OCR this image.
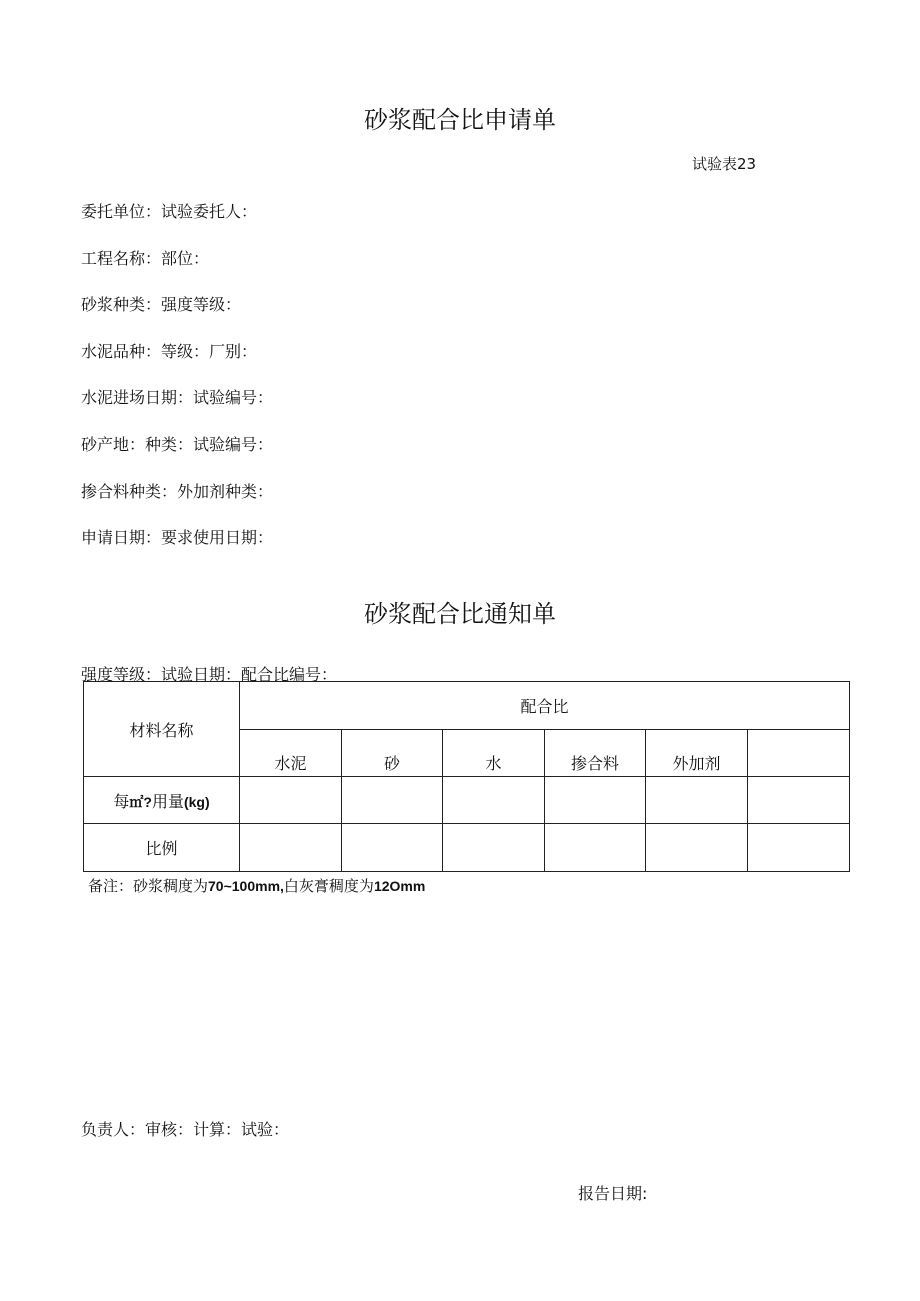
砂浆配合比申请单
试验表23
委托单位：试验委托人：
工程名称：部位：
砂浆种类：强度等级：
水泥品种：等级：厂别：
水泥进场日期：试验编号：
砂产地：种类：试验编号：
掺合料种类：外加剂种类：
申请日期：要求使用日期：
砂浆配合比通知单
强度等级：试验日期：配合比编号：
材料名称	配合比					
	水泥	砂	水	掺合料	外加剂	
每㎡?用量(kg)						
比例						
备注：砂浆稠度为70~100mm,白灰膏稠度为12Omm
负责人：审核：计算：试验：
报告日期:
